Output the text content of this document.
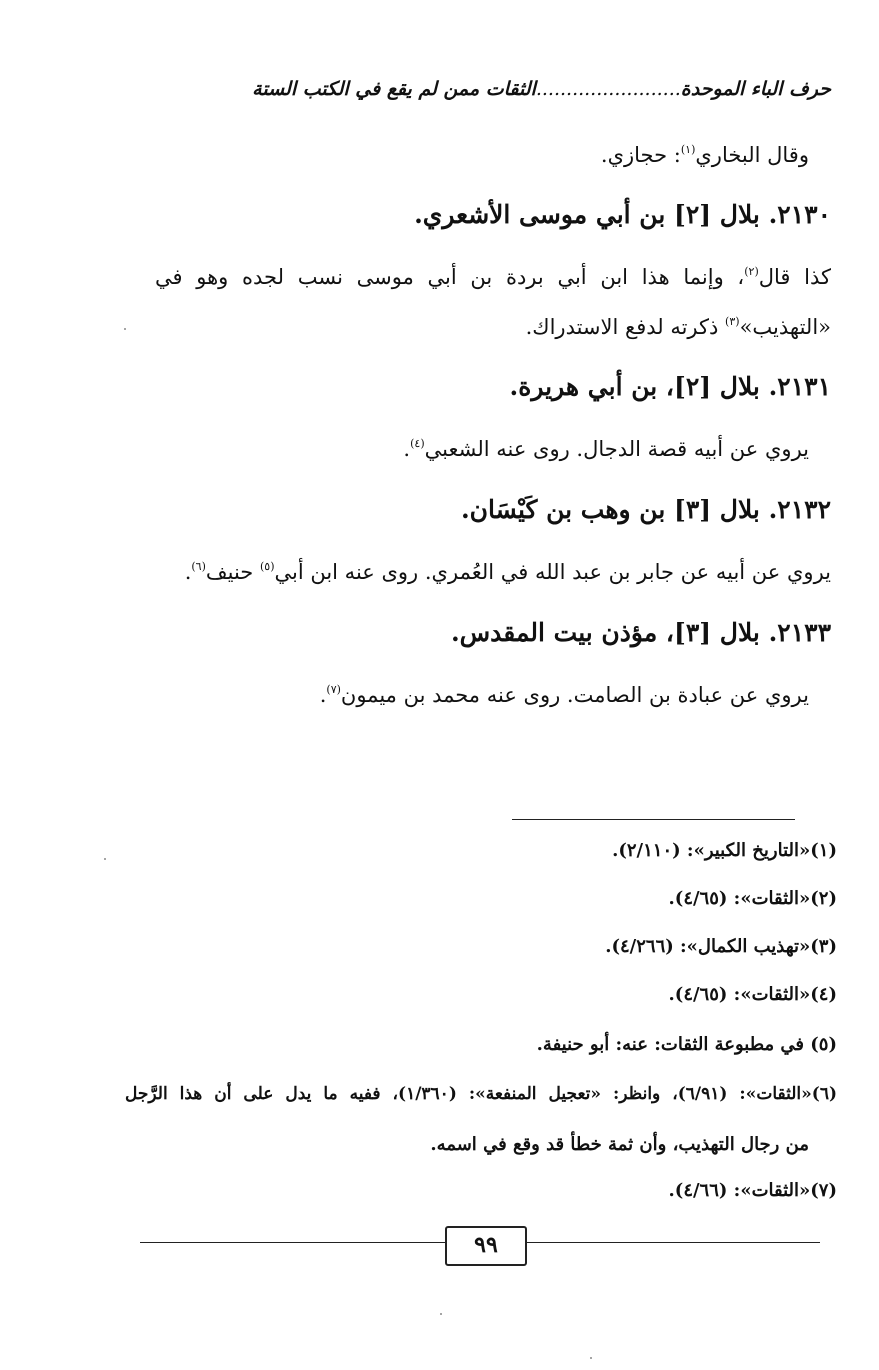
حرف الباء الموحدة........................الثقات ممن لم يقع في الكتب الستة
وقال البخاري$^{(١)}$: حجازي.
٢١٣٠. بلال [٢] بن أبي موسى الأشعري.
كذا قال$^{(٢)}$، وإنما هذا ابن أبي بردة بن أبي موسى نسب لجده وهو في
«التهذيب»$^{(٣)}$ ذكرته لدفع الاستدراك.
٢١٣١. بلال [٢]، بن أبي هريرة.
يروي عن أبيه قصة الدجال. روى عنه الشعبي$^{(٤)}$.
٢١٣٢. بلال [٣] بن وهب بن كَيْسَان.
يروي عن أبيه عن جابر بن عبد الله في العُمري. روى عنه ابن أبي$^{(٥)}$ حنيف$^{(٦)}$.
٢١٣٣. بلال [٣]، مؤذن بيت المقدس.
يروي عن عبادة بن الصامت. روى عنه محمد بن ميمون$^{(٧)}$.
(١)«التاريخ الكبير»: (٢/١١٠).
(٢)«الثقات»: (٤/٦٥).
(٣)«تهذيب الكمال»: (٤/٢٦٦).
(٤)«الثقات»: (٤/٦٥).
(٥) في مطبوعة الثقات: عنه: أبو حنيفة.
(٦)«الثقات»: (٦/٩١)، وانظر: «تعجيل المنفعة»: (١/٣٦٠)، ففيه ما يدل على أن هذا الرَّجل
من رجال التهذيب، وأن ثمة خطأ قد وقع في اسمه.
(٧)«الثقات»: (٤/٦٦).
٩٩
